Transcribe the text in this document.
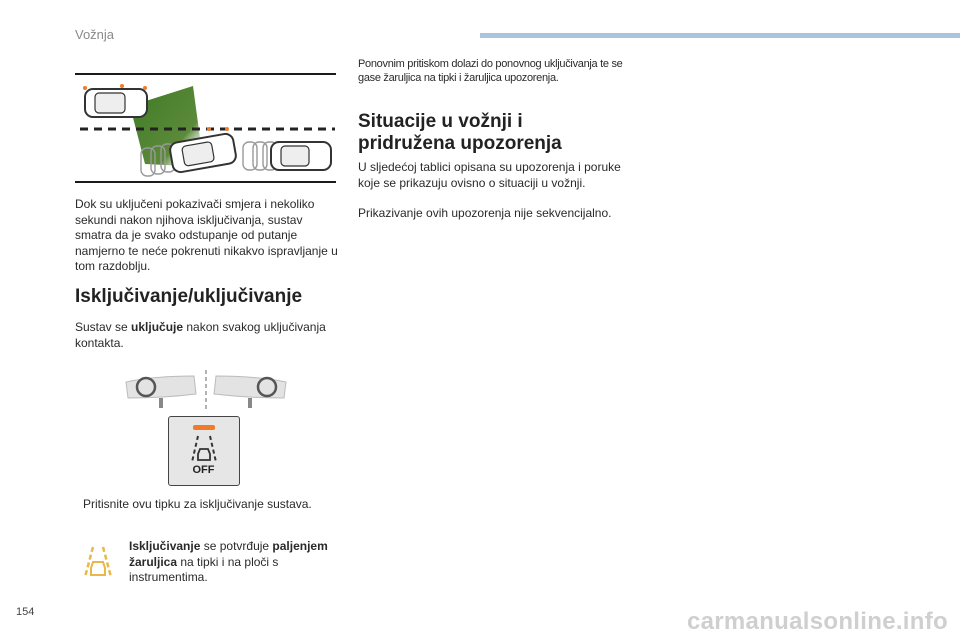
Vožnja
Dok su uključeni pokazivači smjera i nekoliko sekundi nakon njihova isključivanja, sustav smatra da je svako odstupanje od putanje namjerno te neće pokrenuti nikakvo ispravljanje u tom razdoblju.
Isključivanje/uključivanje
Sustav se uključuje nakon svakog uključivanja kontakta.
OFF
Pritisnite ovu tipku za isključivanje sustava.
Isključivanje se potvrđuje paljenjem žaruljica na tipki i na ploči s instrumentima.
Ponovnim pritiskom dolazi do ponovnog uključivanja te se gase žaruljica na tipki i žaruljica upozorenja.
Situacije u vožnji i pridružena upozorenja
U sljedećoj tablici opisana su upozorenja i poruke koje se prikazuju ovisno o situaciji u vožnji.
Prikazivanje ovih upozorenja nije sekvencijalno.
154	carmanualsonline.info
